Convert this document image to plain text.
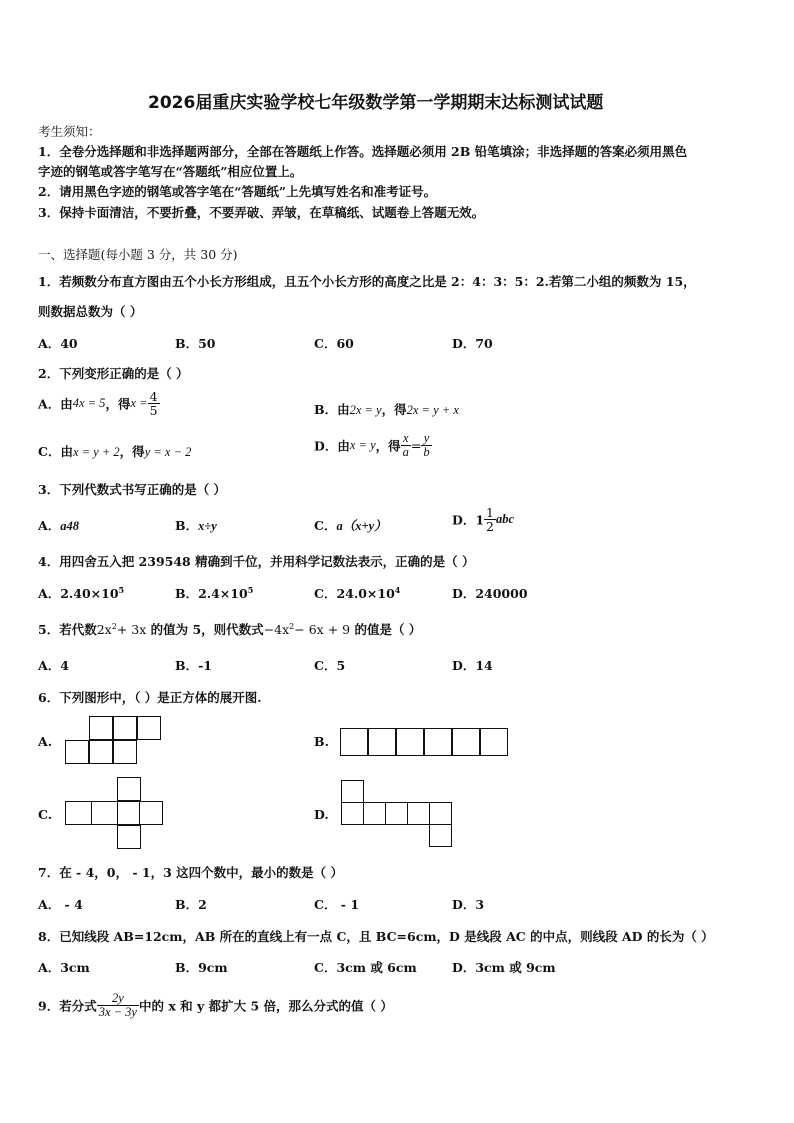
2026届重庆实验学校七年级数学第一学期期末达标测试试题
考生须知：
1．全卷分选择题和非选择题两部分，全部在答题纸上作答。选择题必须用 2B 铅笔填涂；非选择题的答案必须用黑色
字迹的钢笔或答字笔写在“答题纸”相应位置上。
2．请用黑色字迹的钢笔或答字笔在“答题纸”上先填写姓名和准考证号。
3．保持卡面清洁，不要折叠，不要弄破、弄皱，在草稿纸、试题卷上答题无效。
一、选择题(每小题 3 分，共 30 分)
1．若频数分布直方图由五个小长方形组成，且五个小长方形的高度之比是 2：4：3：5：2.若第二小组的频数为 15，
则数据总数为（ ）
A．40	B．50	C．60	D．70
2．下列变形正确的是（ ）
A．由4x = 5，得$x = \frac{4}{5}$	B．由2x = y，得2x = y + x
C．由x = y + 2，得y = x − 2	D．由x = y，得 $\frac{x}{a} = \frac{y}{b}$
3．下列代数式书写正确的是（ ）
A．a48	B．x÷y	C．a（x+y）	D．$1 \frac{1}{2}$ abc
4．用四舍五入把 239548 精确到千位，并用科学记数法表示，正确的是（ ）
A．$2.40\times 10^5$	B．$2.4\times 10^5$	C．$24.0\times 10^4$	D．240000
5．若代数$2x^2+ 3x$ 的值为 5，则代数式$-4x^2- 6x + 9$ 的值是（ ）
A．4	B．-1	C．5	D．14
6．下列图形中，（ ）是正方体的展开图.
A.	B.
C.	D.
7．在 - 4，0， - 1，3 这四个数中，最小的数是（ ）
A． - 4	B．2	C． - 1	D．3
8．已知线段 AB=12cm，AB 所在的直线上有一点 C，且 BC=6cm，D 是线段 AC 的中点，则线段 AD 的长为（ ）
A．3cm	B．9cm	C．3cm 或 6cm	D．3cm 或 9cm
9．若分式 $\frac{2y}{3x - 3y}$ 中的 x 和 y 都扩大 5 倍，那么分式的值（ ）
